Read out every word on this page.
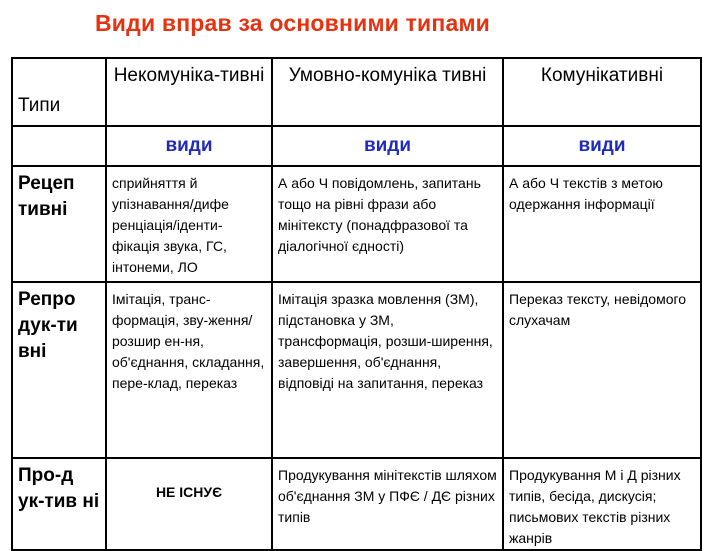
Види вправ за основними типами
Типи	Некомуніка-тивні	Умовно-комуніка тивні	Комунікативні
	види	види	види
Рецеп тивні	сприйняття й упізнавання/дифе ренціація/іденти-фікація звука, ГС, інтонеми, ЛО	А або Ч повідомлень, запитань тощо на рівні фрази або мінітексту (понадфразової та діалогічної єдності)	А або Ч текстів з метою одержання інформації
Репро дук-ти вні	Імітація, транс-формація, зву-ження/розшир ен-ня, об'єднання, складання, пере-клад, переказ	Імітація зразка мовлення (ЗМ), підстановка у ЗМ, трансформація, розши-ширення, завершення, об'єднання, відповіді на запитання, переказ	Переказ тексту, невідомого слухачам
Про-д ук-тив ні	НЕ ІСНУЄ	Продукування мінітекстів шляхом об'єднання ЗМ у ПФЄ / ДЄ різних типів	Продукування М і Д різних типів, бесіда, дискусія; письмових текстів різних жанрів
